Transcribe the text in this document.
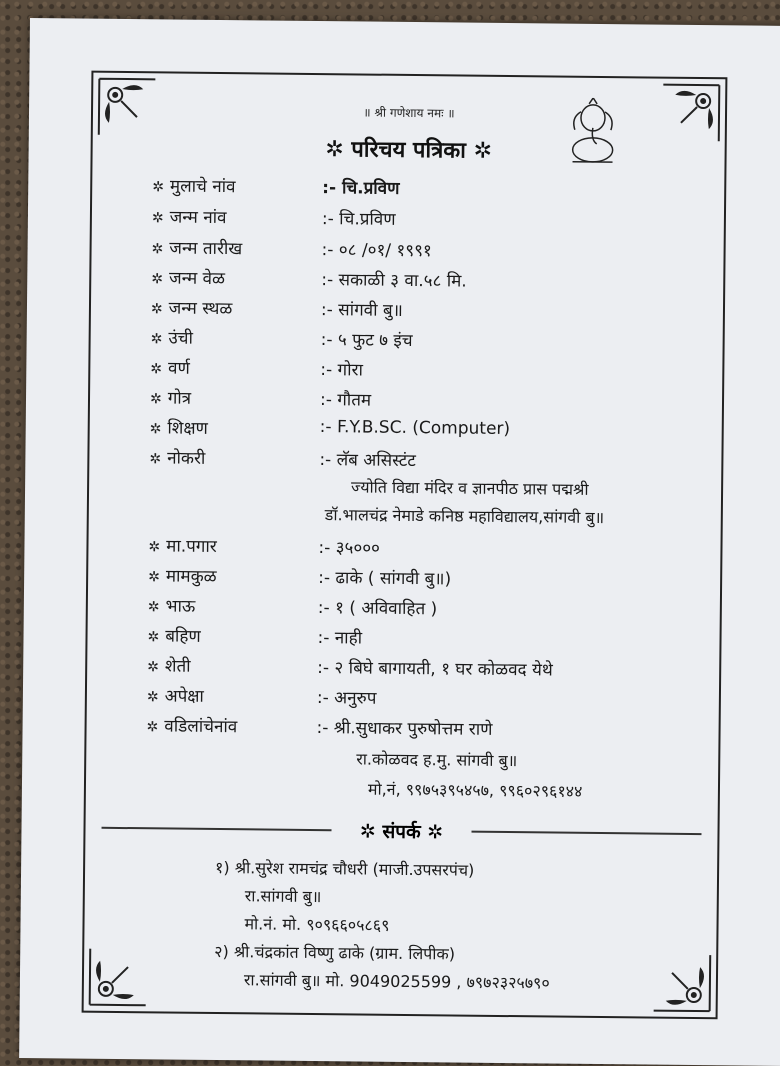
॥ श्री गणेशाय नमः ॥
✲ परिचय पत्रिका ✲
✲ मुलाचे नांव	:- चि.प्रविण
✲ जन्म नांव	:- चि.प्रविण
✲ जन्म तारीख	:- ०८ /०१/ १९९१
✲ जन्म वेळ	:- सकाळी ३ वा.५८ मि.
✲ जन्म स्थळ	:- सांगवी बु॥
✲ उंची	:- ५ फुट ७ इंच
✲ वर्ण	:- गोरा
✲ गोत्र	:- गौतम
✲ शिक्षण	:- F.Y.B.SC. (Computer)
✲ नोकरी	:- लॅब असिस्टंट
ज्योति विद्या मंदिर व ज्ञानपीठ प्रास पद्मश्री
डॉ.भालचंद्र नेमाडे कनिष्ठ महाविद्यालय,सांगवी बु॥
✲ मा.पगार	:- ३५०००
✲ मामकुळ	:- ढाके ( सांगवी बु॥)
✲ भाऊ	:- १ ( अविवाहित )
✲ बहिण	:- नाही
✲ शेती	:- २ बिघे बागायती, १ घर कोळवद येथे
✲ अपेक्षा	:- अनुरुप
✲ वडिलांचेनांव	:- श्री.सुधाकर पुरुषोत्तम राणे
रा.कोळवद ह.मु. सांगवी बु॥
मो,नं, ९९७५३९५४५७, ९९६०२९६१४४
✲ संपर्क ✲
१) श्री.सुरेश रामचंद्र चौधरी (माजी.उपसरपंच)
रा.सांगवी बु॥
मो.नं. मो. ९०९६६०५८६९
२) श्री.चंद्रकांत विष्णु ढाके (ग्राम. लिपीक)
रा.सांगवी बु॥ मो. 9049025599 , ७९७२३२५७९०
